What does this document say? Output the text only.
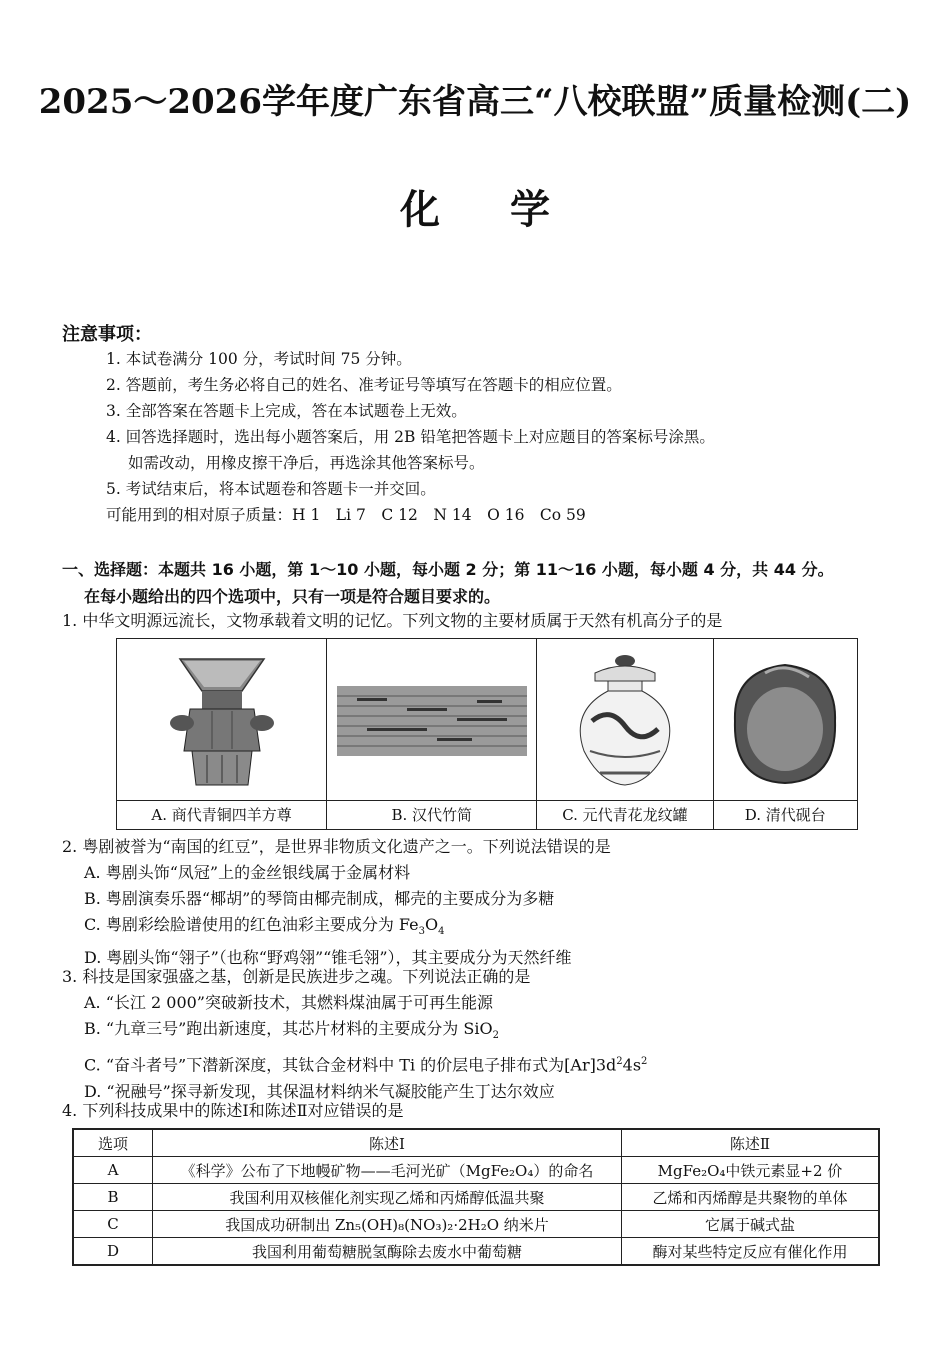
2025～2026学年度广东省高三“八校联盟”质量检测(二)
化学
注意事项：
1. 本试卷满分 100 分，考试时间 75 分钟。
2. 答题前，考生务必将自己的姓名、准考证号等填写在答题卡的相应位置。
3. 全部答案在答题卡上完成，答在本试题卷上无效。
4. 回答选择题时，选出每小题答案后，用 2B 铅笔把答题卡上对应题目的答案标号涂黑。
如需改动，用橡皮擦干净后，再选涂其他答案标号。
5. 考试结束后，将本试题卷和答题卡一并交回。
可能用到的相对原子质量：H 1　Li 7　C 12　N 14　O 16　Co 59
一、选择题：本题共 16 小题，第 1～10 小题，每小题 2 分；第 11～16 小题，每小题 4 分，共 44 分。
在每小题给出的四个选项中，只有一项是符合题目要求的。
1. 中华文明源远流长，文物承载着文明的记忆。下列文物的主要材质属于天然有机高分子的是
A. 商代青铜四羊方尊	B. 汉代竹简	C. 元代青花龙纹罐	D. 清代砚台
2. 粤剧被誉为“南国的红豆”，是世界非物质文化遗产之一。下列说法错误的是
A. 粤剧头饰“凤冠”上的金丝银线属于金属材料
B. 粤剧演奏乐器“椰胡”的琴筒由椰壳制成，椰壳的主要成分为多糖
C. 粤剧彩绘脸谱使用的红色油彩主要成分为 $Fe_3O_4$
D. 粤剧头饰“翎子”（也称“野鸡翎”“锥毛翎”），其主要成分为天然纤维
3. 科技是国家强盛之基，创新是民族进步之魂。下列说法正确的是
A. “长江 2 000”突破新技术，其燃料煤油属于可再生能源
B. “九章三号”跑出新速度，其芯片材料的主要成分为 SiO$_2$
C. “奋斗者号”下潜新深度，其钛合金材料中 Ti 的价层电子排布式为$[Ar]3d^24s^2$
D. “祝融号”探寻新发现，其保温材料纳米气凝胶能产生丁达尔效应
4. 下列科技成果中的陈述Ⅰ和陈述Ⅱ对应错误的是
选项	陈述Ⅰ	陈述Ⅱ
A	《科学》公布了下地幔矿物——毛河光矿（MgFe₂O₄）的命名	MgFe₂O₄中铁元素显+2 价
B	我国利用双核催化剂实现乙烯和丙烯醇低温共聚	乙烯和丙烯醇是共聚物的单体
C	我国成功研制出 Zn₅(OH)₈(NO₃)₂·2H₂O 纳米片	它属于碱式盐
D	我国利用葡萄糖脱氢酶除去废水中葡萄糖	酶对某些特定反应有催化作用
